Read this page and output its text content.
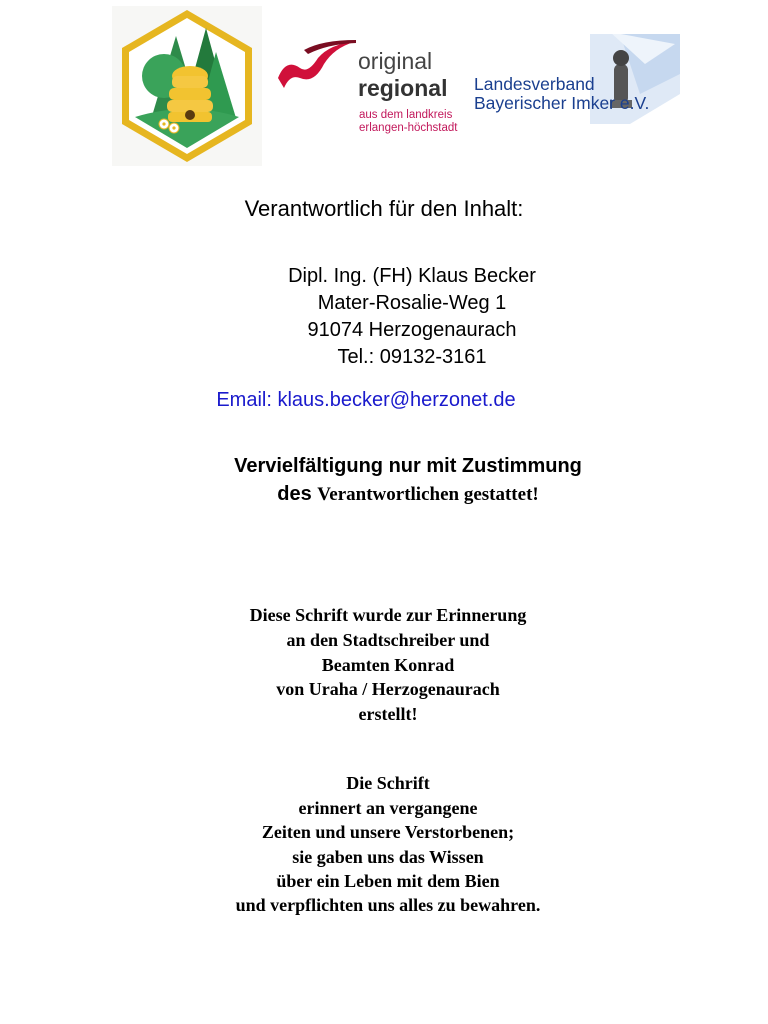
original
regional
aus dem landkreis
erlangen-höchstadt
Landesverband
Bayerischer Imker e.V.
Verantwortlich für den Inhalt:
Dipl. Ing. (FH) Klaus Becker
Mater-Rosalie-Weg 1
91074 Herzogenaurach
Tel.: 09132-3161
Email: klaus.becker@herzonet.de
Vervielfältigung nur mit Zustimmung
des Verantwortlichen gestattet!
Diese Schrift wurde zur Erinnerung
an den Stadtschreiber und
Beamten Konrad
von Uraha / Herzogenaurach
erstellt!
Die Schrift
erinnert an vergangene
Zeiten und unsere Verstorbenen;
sie gaben uns das Wissen
über ein Leben mit dem Bien
und verpflichten uns alles zu bewahren.
